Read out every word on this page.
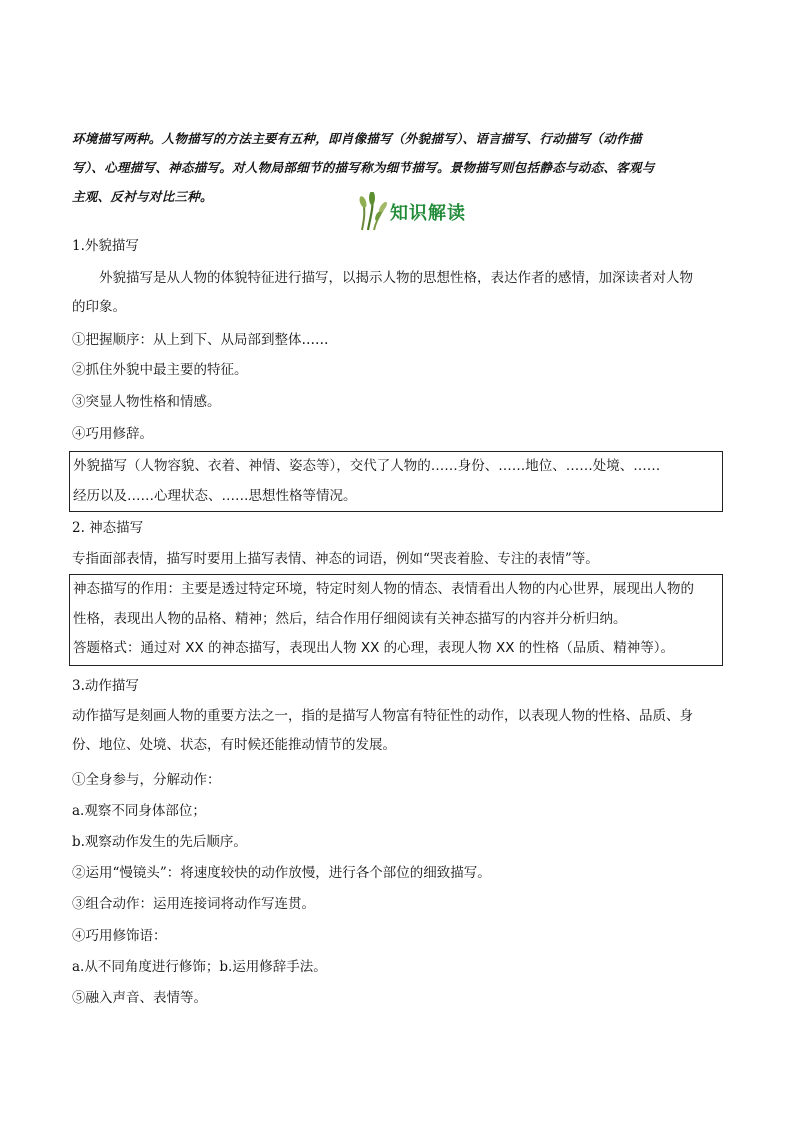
环境描写两种。人物描写的方法主要有五种，即肖像描写（外貌描写）、语言描写、行动描写（动作描

写）、心理描写、神态描写。对人物局部细节的描写称为细节描写。景物描写则包括静态与动态、客观与

主观、反衬与对比三种。

知识解读
1.外貌描写

外貌描写是从人物的体貌特征进行描写，以揭示人物的思想性格，表达作者的感情，加深读者对人物

的印象。

①把握顺序：从上到下、从局部到整体……
②抓住外貌中最主要的特征。
③突显人物性格和情感。
④巧用修辞。

外貌描写（人物容貌、衣着、神情、姿态等），交代了人物的……身份、……地位、……处境、……

经历以及……心理状态、……思想性格等情况。

2. 神态描写
专指面部表情，描写时要用上描写表情、神态的词语，例如“哭丧着脸、专注的表情”等。

神态描写的作用：主要是透过特定环境，特定时刻人物的情态、表情看出人物的内心世界，展现出人物的

性格，表现出人物的品格、精神；然后，结合作用仔细阅读有关神态描写的内容并分析归纳。

答题格式：通过对 XX 的神态描写，表现出人物 XX 的心理，表现人物 XX 的性格（品质、精神等）。

3.动作描写

动作描写是刻画人物的重要方法之一，指的是描写人物富有特征性的动作，以表现人物的性格、品质、身

份、地位、处境、状态，有时候还能推动情节的发展。

①全身参与，分解动作：
a.观察不同身体部位；
b.观察动作发生的先后顺序。
②运用“慢镜头”：将速度较快的动作放慢，进行各个部位的细致描写。
③组合动作：运用连接词将动作写连贯。
④巧用修饰语：
a.从不同角度进行修饰；b.运用修辞手法。
⑤融入声音、表情等。
